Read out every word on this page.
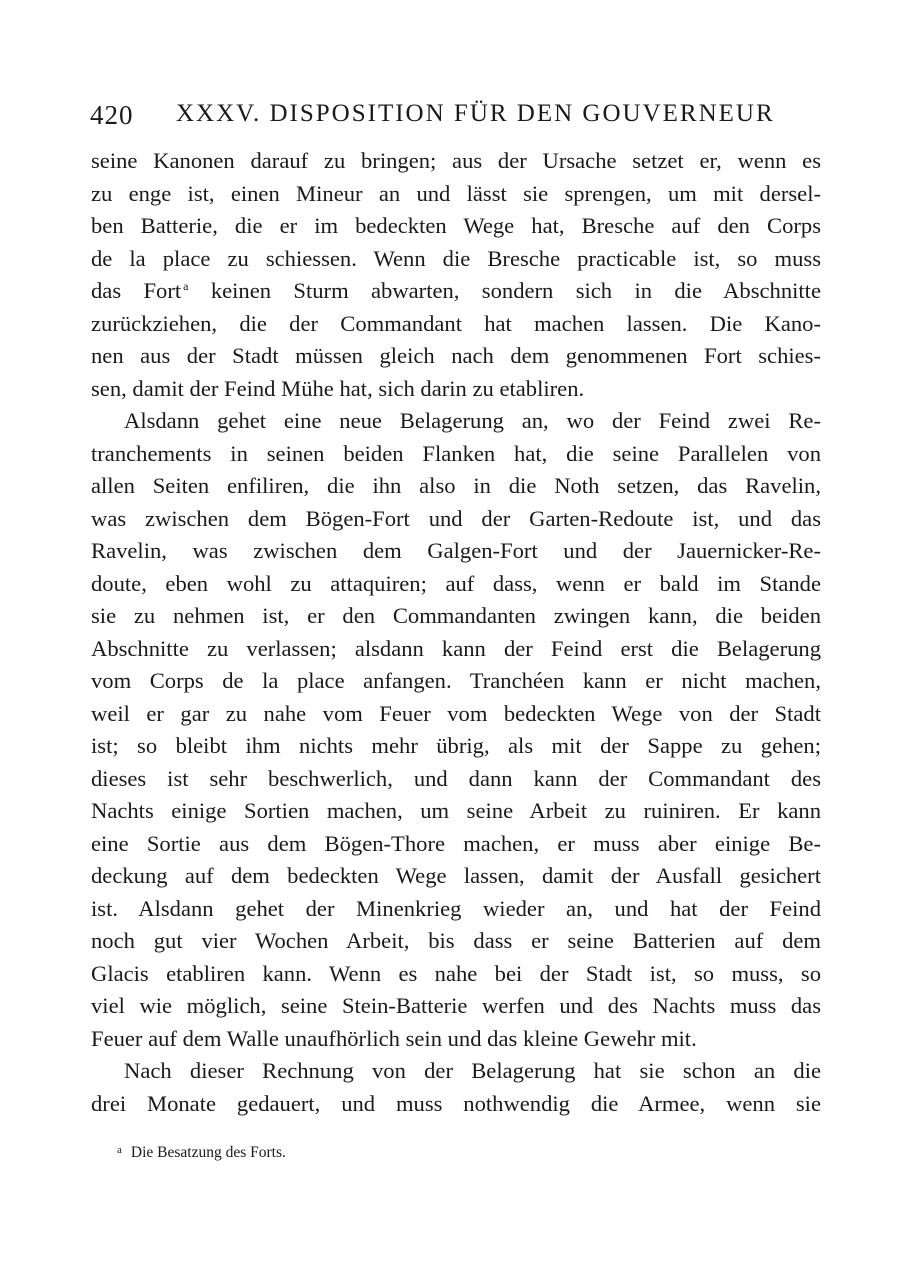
420 XXXV. DISPOSITION FÜR DEN GOUVERNEUR
seine Kanonen darauf zu bringen; aus der Ursache setzet er, wenn es
zu enge ist, einen Mineur an und lässt sie sprengen, um mit dersel-
ben Batterie, die er im bedeckten Wege hat, Bresche auf den Corps
de la place zu schiessen. Wenn die Bresche practicable ist, so muss
das Fort $^a$ keinen Sturm abwarten, sondern sich in die Abschnitte
zurückziehen, die der Commandant hat machen lassen. Die Kano-
nen aus der Stadt müssen gleich nach dem genommenen Fort schies-
sen, damit der Feind Mühe hat, sich darin zu etabliren.
Alsdann gehet eine neue Belagerung an, wo der Feind zwei Re-
tranchements in seinen beiden Flanken hat, die seine Parallelen von
allen Seiten enfiliren, die ihn also in die Noth setzen, das Ravelin,
was zwischen dem Bögen-Fort und der Garten-Redoute ist, und das
Ravelin, was zwischen dem Galgen-Fort und der Jauernicker-Re-
doute, eben wohl zu attaquiren; auf dass, wenn er bald im Stande
sie zu nehmen ist, er den Commandanten zwingen kann, die beiden
Abschnitte zu verlassen; alsdann kann der Feind erst die Belagerung
vom Corps de la place anfangen. Tranchéen kann er nicht machen,
weil er gar zu nahe vom Feuer vom bedeckten Wege von der Stadt
ist; so bleibt ihm nichts mehr übrig, als mit der Sappe zu gehen;
dieses ist sehr beschwerlich, und dann kann der Commandant des
Nachts einige Sortien machen, um seine Arbeit zu ruiniren. Er kann
eine Sortie aus dem Bögen-Thore machen, er muss aber einige Be-
deckung auf dem bedeckten Wege lassen, damit der Ausfall gesichert
ist. Alsdann gehet der Minenkrieg wieder an, und hat der Feind
noch gut vier Wochen Arbeit, bis dass er seine Batterien auf dem
Glacis etabliren kann. Wenn es nahe bei der Stadt ist, so muss, so
viel wie möglich, seine Stein-Batterie werfen und des Nachts muss das
Feuer auf dem Walle unaufhörlich sein und das kleine Gewehr mit.
Nach dieser Rechnung von der Belagerung hat sie schon an die
drei Monate gedauert, und muss nothwendig die Armee, wenn sie
$^a$ Die Besatzung des Forts.
